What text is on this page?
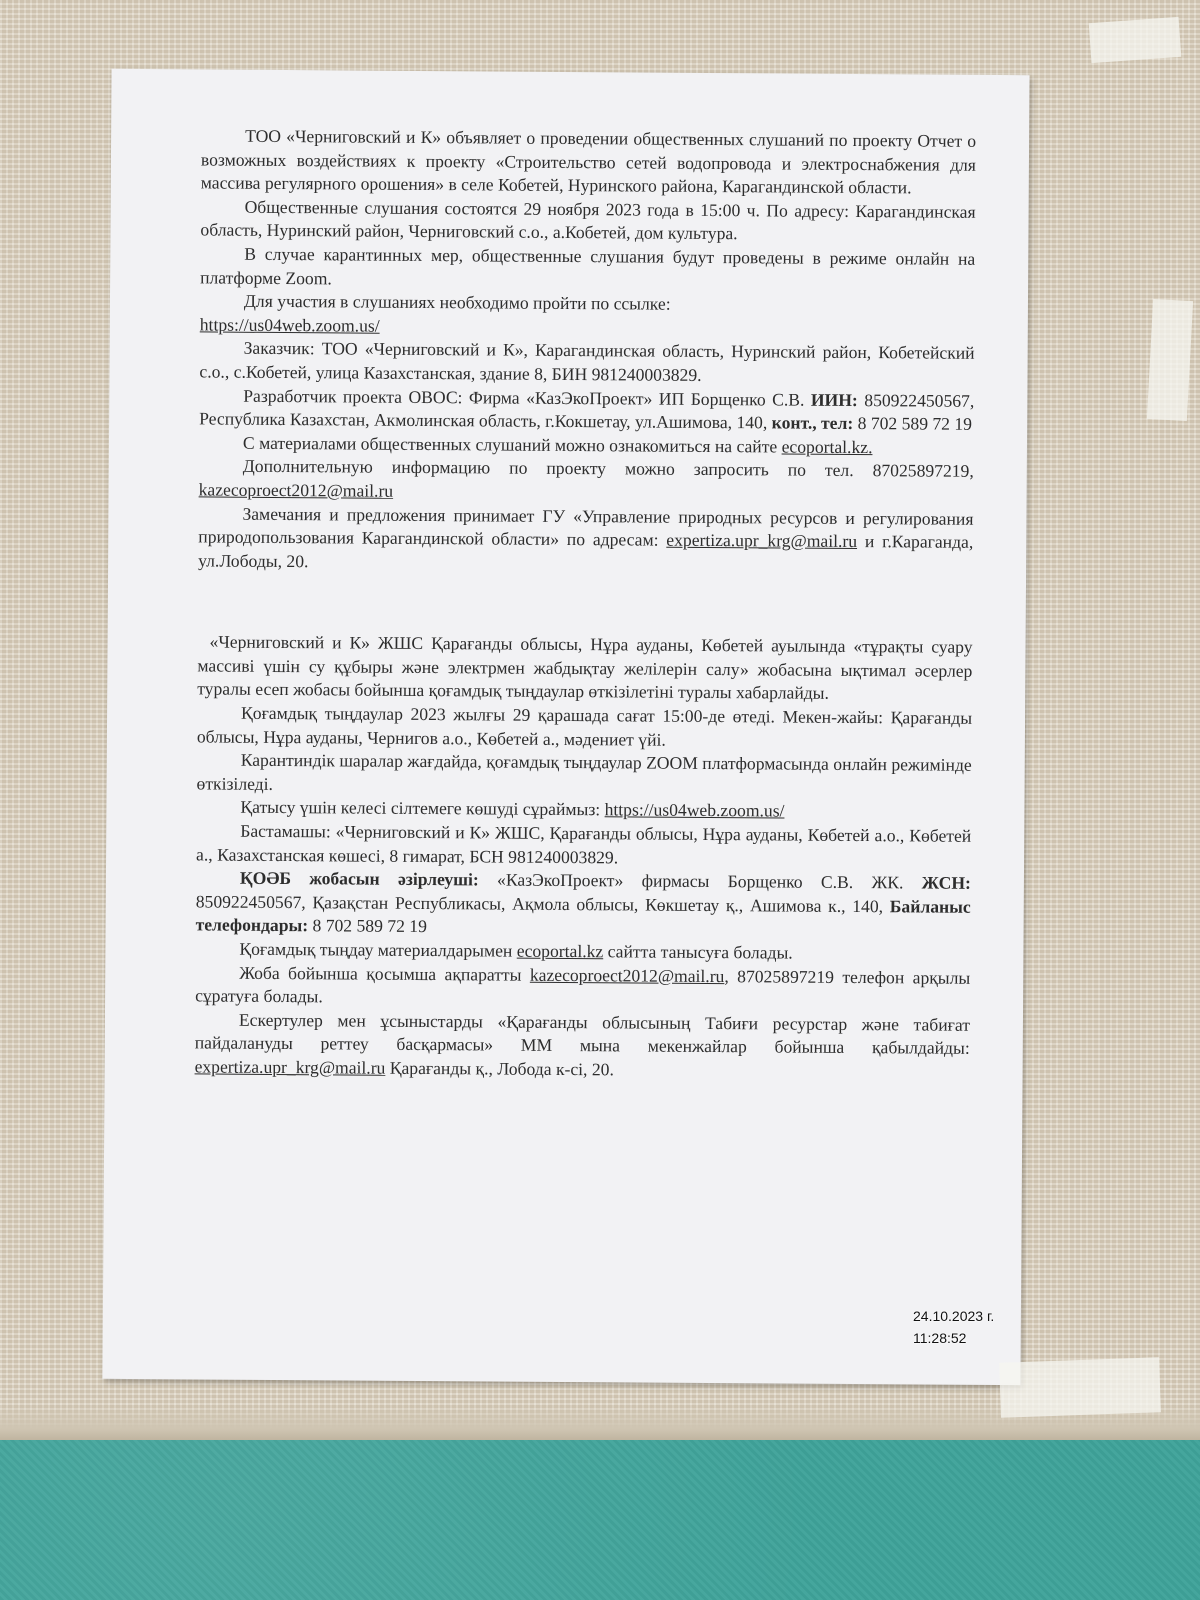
ТОО «Черниговский и К» объявляет о проведении общественных слушаний по проекту Отчет о возможных воздействиях к проекту «Строительство сетей водопровода и электроснабжения для массива регулярного орошения» в селе Кобетей, Нуринского района, Карагандинской области.

Общественные слушания состоятся 29 ноября 2023 года в 15:00 ч. По адресу: Карагандинская область, Нуринский район, Черниговский с.о., а.Кобетей, дом культура.

В случае карантинных мер, общественные слушания будут проведены в режиме онлайн на платформе Zoom.

Для участия в слушаниях необходимо пройти по ссылке:

https://us04web.zoom.us/

Заказчик: ТОО «Черниговский и К», Карагандинская область, Нуринский район, Кобетейский с.о., с.Кобетей, улица Казахстанская, здание 8, БИН 981240003829.

Разработчик проекта ОВОС: Фирма «КазЭкоПроект» ИП Борщенко С.В. ИИН: 850922450567, Республика Казахстан, Акмолинская область, г.Кокшетау, ул.Ашимова, 140, конт., тел: 8 702 589 72 19

С материалами общественных слушаний можно ознакомиться на сайте ecoportal.kz.

Дополнительную информацию по проекту можно запросить по тел. 87025897219, kazecoproect2012@mail.ru

Замечания и предложения принимает ГУ «Управление природных ресурсов и регулирования природопользования Карагандинской области» по адресам: expertiza.upr_krg@mail.ru и г.Караганда, ул.Лободы, 20.

«Черниговский и К» ЖШС Қарағанды облысы, Нұра ауданы, Көбетей ауылында «тұрақты суару массиві үшін су құбыры және электрмен жабдықтау желілерін салу» жобасына ықтимал әсерлер туралы есеп жобасы бойынша қоғамдық тыңдаулар өткізілетіні туралы хабарлайды.

Қоғамдық тыңдаулар 2023 жылғы 29 қарашада сағат 15:00-де өтеді. Мекен-жайы: Қарағанды облысы, Нұра ауданы, Чернигов а.о., Көбетей а., мәдениет үйі.

Карантиндік шаралар жағдайда, қоғамдық тыңдаулар ZOOM платформасында онлайн режимінде өткізіледі.

Қатысу үшін келесі сілтемеге көшуді сұраймыз: https://us04web.zoom.us/

Бастамашы: «Черниговский и К» ЖШС, Қарағанды облысы, Нұра ауданы, Көбетей а.о., Көбетей а., Казахстанская көшесі, 8 гимарат, БСН 981240003829.

ҚОӘБ жобасын әзірлеуші: «КазЭкоПроект» фирмасы Борщенко С.В. ЖК. ЖСН: 850922450567, Қазақстан Республикасы, Ақмола облысы, Көкшетау қ., Ашимова к., 140, Байланыс телефондары: 8 702 589 72 19

Қоғамдық тыңдау материалдарымен ecoportal.kz сайтта танысуға болады.

Жоба бойынша қосымша ақпаратты kazecoproect2012@mail.ru, 87025897219 телефон арқылы сұратуға болады.

Ескертулер мен ұсыныстарды «Қарағанды облысының Табиғи ресурстар және табиғат пайдалануды реттеу басқармасы» ММ мына мекенжайлар бойынша қабылдайды: expertiza.upr_krg@mail.ru Қарағанды қ., Лобода к-сі, 20.

24.10.2023 г.
11:28:52
